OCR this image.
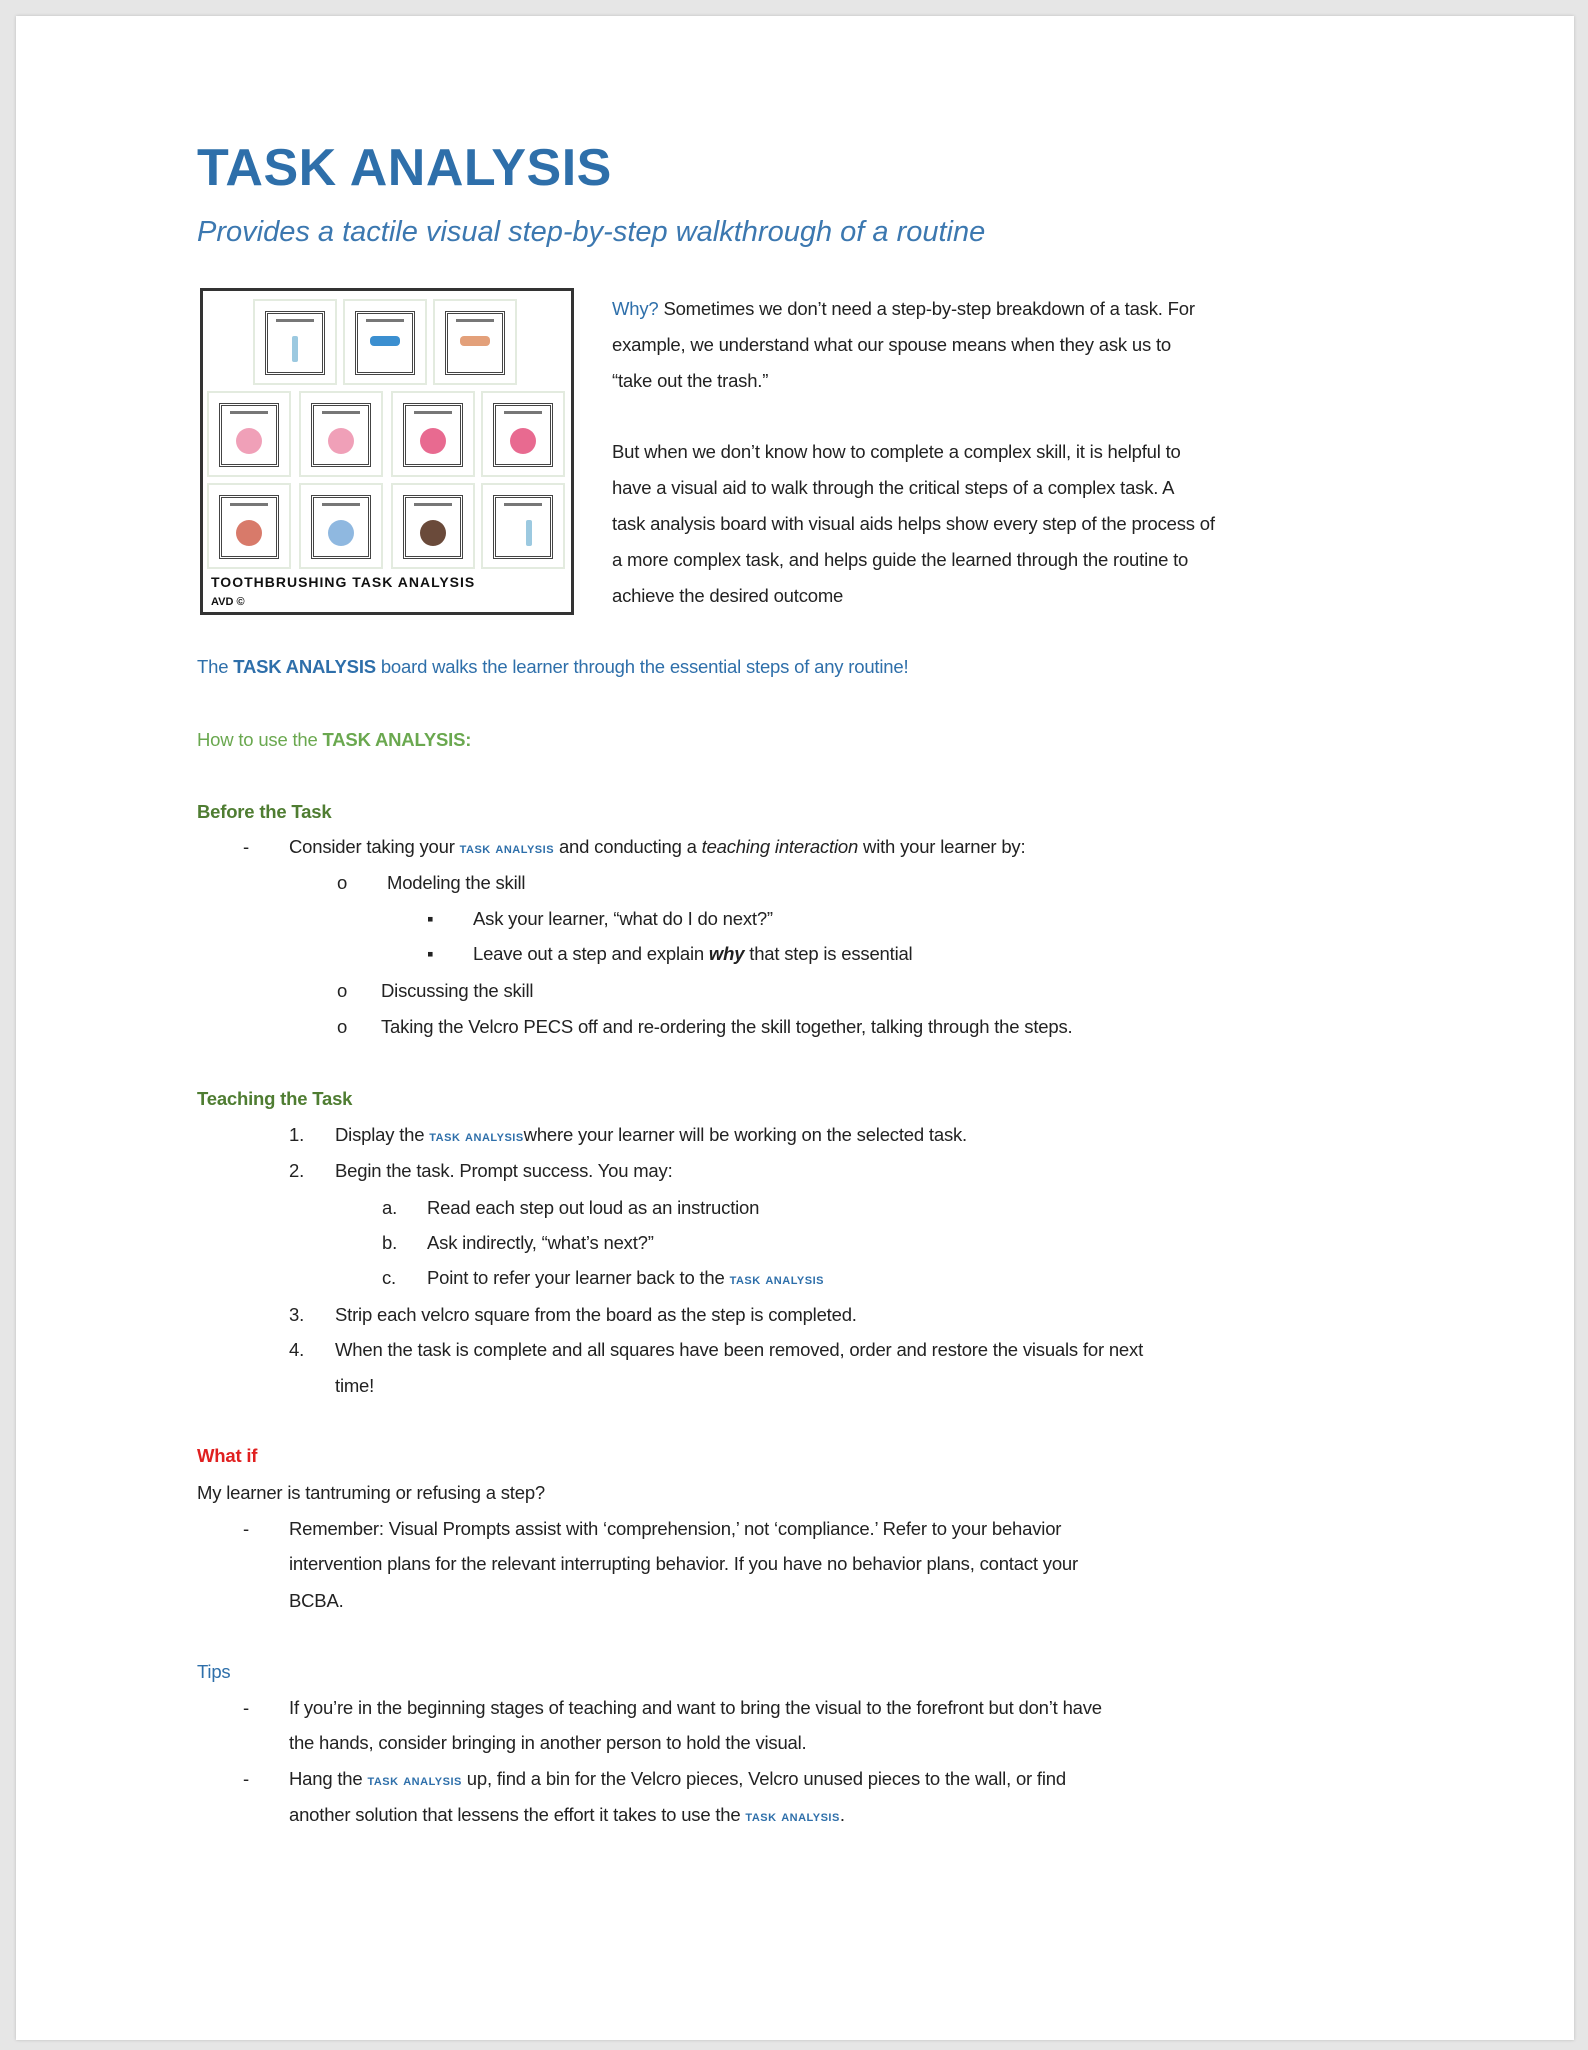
TASK ANALYSIS
Provides a tactile visual step-by-step walkthrough of a routine
TOOTHBRUSHING TASK ANALYSIS
AVD ©
Why? Sometimes we don’t need a step-by-step breakdown of a task. For
example, we understand what our spouse means when they ask us to
“take out the trash.”
But when we don’t know how to complete a complex skill, it is helpful to
have a visual aid to walk through the critical steps of a complex task. A
task analysis board with visual aids helps show every step of the process of
a more complex task, and helps guide the learned through the routine to
achieve the desired outcome
The TASK ANALYSIS board walks the learner through the essential steps of any routine!
How to use the TASK ANALYSIS:
Before the Task
- Consider taking your task analysis and conducting a teaching interaction with your learner by:
o Modeling the skill
▪ Ask your learner, “what do I do next?”
▪ Leave out a step and explain why that step is essential
o Discussing the skill
o Taking the Velcro PECS off and re-ordering the skill together, talking through the steps.
Teaching the Task
1. Display the task analysiswhere your learner will be working on the selected task.
2. Begin the task. Prompt success. You may:
a. Read each step out loud as an instruction
b. Ask indirectly, “what’s next?”
c. Point to refer your learner back to the task analysis
3. Strip each velcro square from the board as the step is completed.
4. When the task is complete and all squares have been removed, order and restore the visuals for next
time!
What if
My learner is tantruming or refusing a step?
- Remember: Visual Prompts assist with ‘comprehension,’ not ‘compliance.’ Refer to your behavior
intervention plans for the relevant interrupting behavior. If you have no behavior plans, contact your
BCBA.
Tips
- If you’re in the beginning stages of teaching and want to bring the visual to the forefront but don’t have
the hands, consider bringing in another person to hold the visual.
- Hang the task analysis up, find a bin for the Velcro pieces, Velcro unused pieces to the wall, or find
another solution that lessens the effort it takes to use the task analysis.
